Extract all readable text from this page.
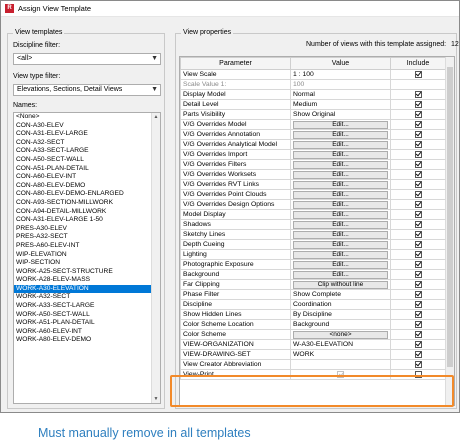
R Assign View Template
View templates
Discipline filter:
<all>	▼
View type filter:
Elevations, Sections, Detail Views	▼
Names:
<None>
CON-A30-ELEV
CON-A31-ELEV-LARGE
CON-A32-SECT
CON-A33-SECT-LARGE
CON-A50-SECT-WALL
CON-A51-PLAN-DETAIL
CON-A60-ELEV-INT
CON-A80-ELEV-DEMO
CON-A80-ELEV-DEMO-ENLARGED
CON-A93-SECTION-MILLWORK
CON-A94-DETAIL-MILLWORK
CON-A31-ELEV-LARGE 1-50
PRES-A30-ELEV
PRES-A32-SECT
PRES-A60-ELEV-INT
WIP-ELEVATION
WIP-SECTION
WORK-A25-SECT-STRUCTURE
WORK-A28-ELEV-MASS
WORK-A30-ELEVATION
WORK-A32-SECT
WORK-A33-SECT-LARGE
WORK-A50-SECT-WALL
WORK-A51-PLAN-DETAIL
WORK-A60-ELEV-INT
WORK-A80-ELEV-DEMO
▲
▼
View properties
Number of views with this template assigned: 12
Parameter	Value	Include
View Scale	1 : 100	
Scale Value 1:	100	
Display Model	Normal	
Detail Level	Medium	
Parts Visibility	Show Original	
V/G Overrides Model	Edit...	

V/G Overrides Annotation	Edit...	

V/G Overrides Analytical Model	Edit...	

V/G Overrides Import	Edit...	

V/G Overrides Filters	Edit...	

V/G Overrides Worksets	Edit...	

V/G Overrides RVT Links	Edit...	

V/G Overrides Point Clouds	Edit...	

V/G Overrides Design Options	Edit...	

Model Display	Edit...	

Shadows	Edit...	

Sketchy Lines	Edit...	

Depth Cueing	Edit...	

Lighting	Edit...	

Photographic Exposure	Edit...	

Background	Edit...	

Far Clipping	Clip without line	

Phase Filter	Show Complete	
Discipline	Coordination	
Show Hidden Lines	By Discipline	
Color Scheme Location	Background	
Color Scheme	<none>	

VIEW-ORGANIZATION	W-A30-ELEVATION	
VIEW-DRAWING-SET	WORK	
View Creator Abbreviation		
View-Print		
Must manually remove in all templates
